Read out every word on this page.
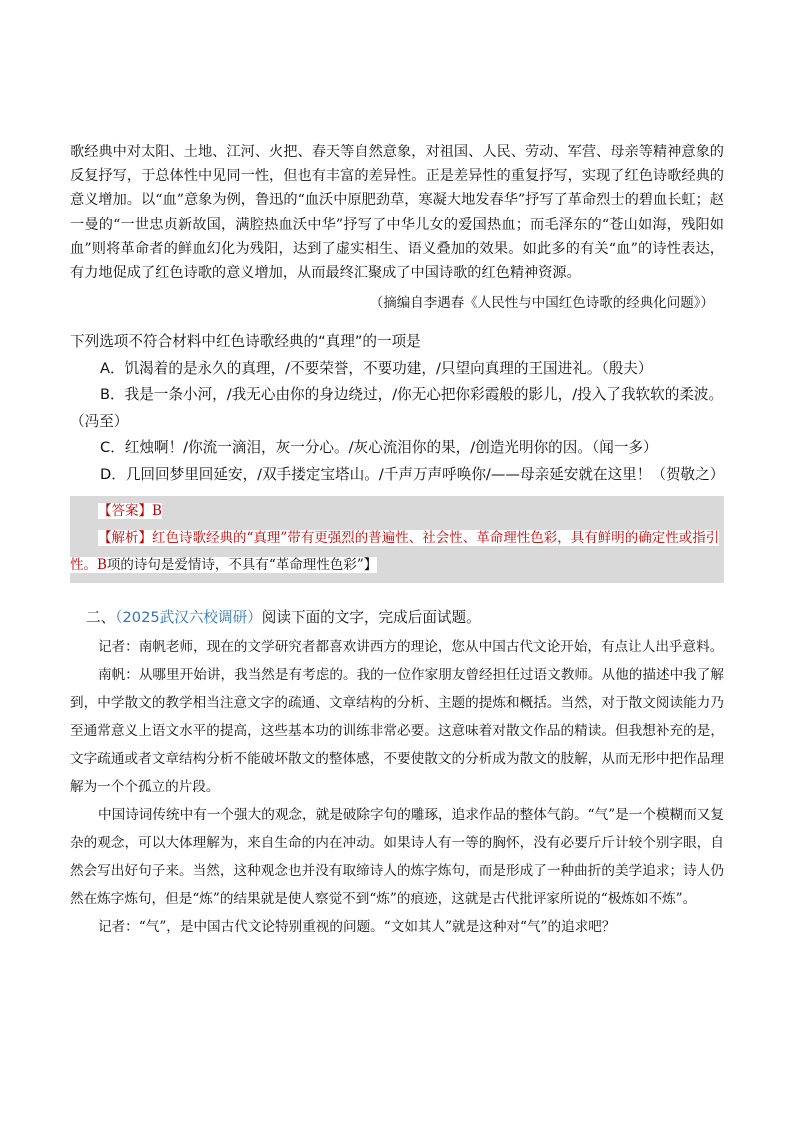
歌经典中对太阳、土地、江河、火把、春天等自然意象，对祖国、人民、劳动、军营、母亲等精神意象的反复抒写，于总体性中见同一性，但也有丰富的差异性。正是差异性的重复抒写，实现了红色诗歌经典的意义增加。以“血”意象为例，鲁迅的“血沃中原肥劲草，寒凝大地发春华”抒写了革命烈士的碧血长虹；赵一曼的“一世忠贞新故国，满腔热血沃中华”抒写了中华儿女的爱国热血；而毛泽东的“苍山如海，残阳如血”则将革命者的鲜血幻化为残阳，达到了虚实相生、语义叠加的效果。如此多的有关“血”的诗性表达，有力地促成了红色诗歌的意义增加，从而最终汇聚成了中国诗歌的红色精神资源。

（摘编自李遇春《人民性与中国红色诗歌的经典化问题》）

下列选项不符合材料中红色诗歌经典的“真理”的一项是

A．饥渴着的是永久的真理，/不要荣誉，不要功建，/只望向真理的王国进礼。（殷夫）

B．我是一条小河，/我无心由你的身边绕过，/你无心把你彩霞般的影儿，/投入了我软软的柔波。（冯至）

C．红烛啊！/你流一滴泪，灰一分心。/灰心流泪你的果，/创造光明你的因。（闻一多）

D．几回回梦里回延安，/双手搂定宝塔山。/千声万声呼唤你/——母亲延安就在这里！（贺敬之）

【答案】B

【解析】红色诗歌经典的“真理”带有更强烈的普遍性、社会性、革命理性色彩，具有鲜明的确定性或指引性。B项的诗句是爱情诗，不具有“革命理性色彩”】

二、（2025武汉六校调研）阅读下面的文字，完成后面试题。

记者：南帆老师，现在的文学研究者都喜欢讲西方的理论，您从中国古代文论开始，有点让人出乎意料。

南帆：从哪里开始讲，我当然是有考虑的。我的一位作家朋友曾经担任过语文教师。从他的描述中我了解到，中学散文的教学相当注意文字的疏通、文章结构的分析、主题的提炼和概括。当然，对于散文阅读能力乃至通常意义上语文水平的提高，这些基本功的训练非常必要。这意味着对散文作品的精读。但我想补充的是，文字疏通或者文章结构分析不能破坏散文的整体感，不要使散文的分析成为散文的肢解，从而无形中把作品理解为一个个孤立的片段。

中国诗词传统中有一个强大的观念，就是破除字句的雕琢，追求作品的整体气韵。“气”是一个模糊而又复杂的观念，可以大体理解为，来自生命的内在冲动。如果诗人有一等的胸怀，没有必要斤斤计较个别字眼，自然会写出好句子来。当然，这种观念也并没有取缔诗人的炼字炼句，而是形成了一种曲折的美学追求；诗人仍然在炼字炼句，但是“炼”的结果就是使人察觉不到“炼”的痕迹，这就是古代批评家所说的“极炼如不炼”。

记者：“气”，是中国古代文论特别重视的问题。“文如其人”就是这种对“气”的追求吧？
